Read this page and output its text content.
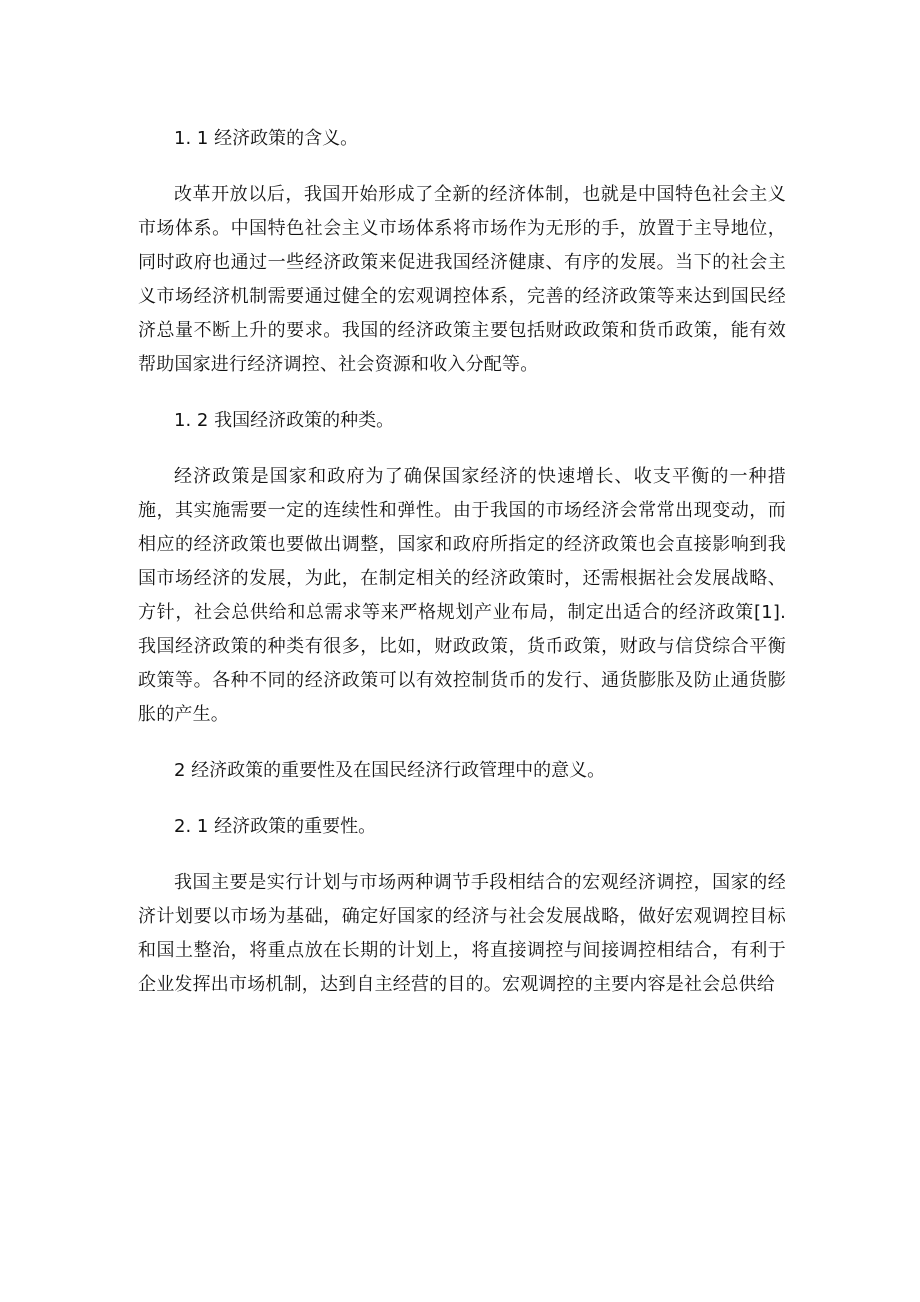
1. 1 经济政策的含义。

改革开放以后，我国开始形成了全新的经济体制，也就是中国特色社会主义市场体系。中国特色社会主义市场体系将市场作为无形的手，放置于主导地位，同时政府也通过一些经济政策来促进我国经济健康、有序的发展。当下的社会主义市场经济机制需要通过健全的宏观调控体系，完善的经济政策等来达到国民经济总量不断上升的要求。我国的经济政策主要包括财政政策和货币政策，能有效帮助国家进行经济调控、社会资源和收入分配等。

1. 2 我国经济政策的种类。

经济政策是国家和政府为了确保国家经济的快速增长、收支平衡的一种措施，其实施需要一定的连续性和弹性。由于我国的市场经济会常常出现变动，而相应的经济政策也要做出调整，国家和政府所指定的经济政策也会直接影响到我国市场经济的发展，为此，在制定相关的经济政策时，还需根据社会发展战略、方针，社会总供给和总需求等来严格规划产业布局，制定出适合的经济政策[1].我国经济政策的种类有很多，比如，财政政策，货币政策，财政与信贷综合平衡政策等。各种不同的经济政策可以有效控制货币的发行、通货膨胀及防止通货膨胀的产生。

2 经济政策的重要性及在国民经济行政管理中的意义。

2. 1 经济政策的重要性。

我国主要是实行计划与市场两种调节手段相结合的宏观经济调控，国家的经济计划要以市场为基础，确定好国家的经济与社会发展战略，做好宏观调控目标和国土整治，将重点放在长期的计划上，将直接调控与间接调控相结合，有利于企业发挥出市场机制，达到自主经营的目的。宏观调控的主要内容是社会总供给
